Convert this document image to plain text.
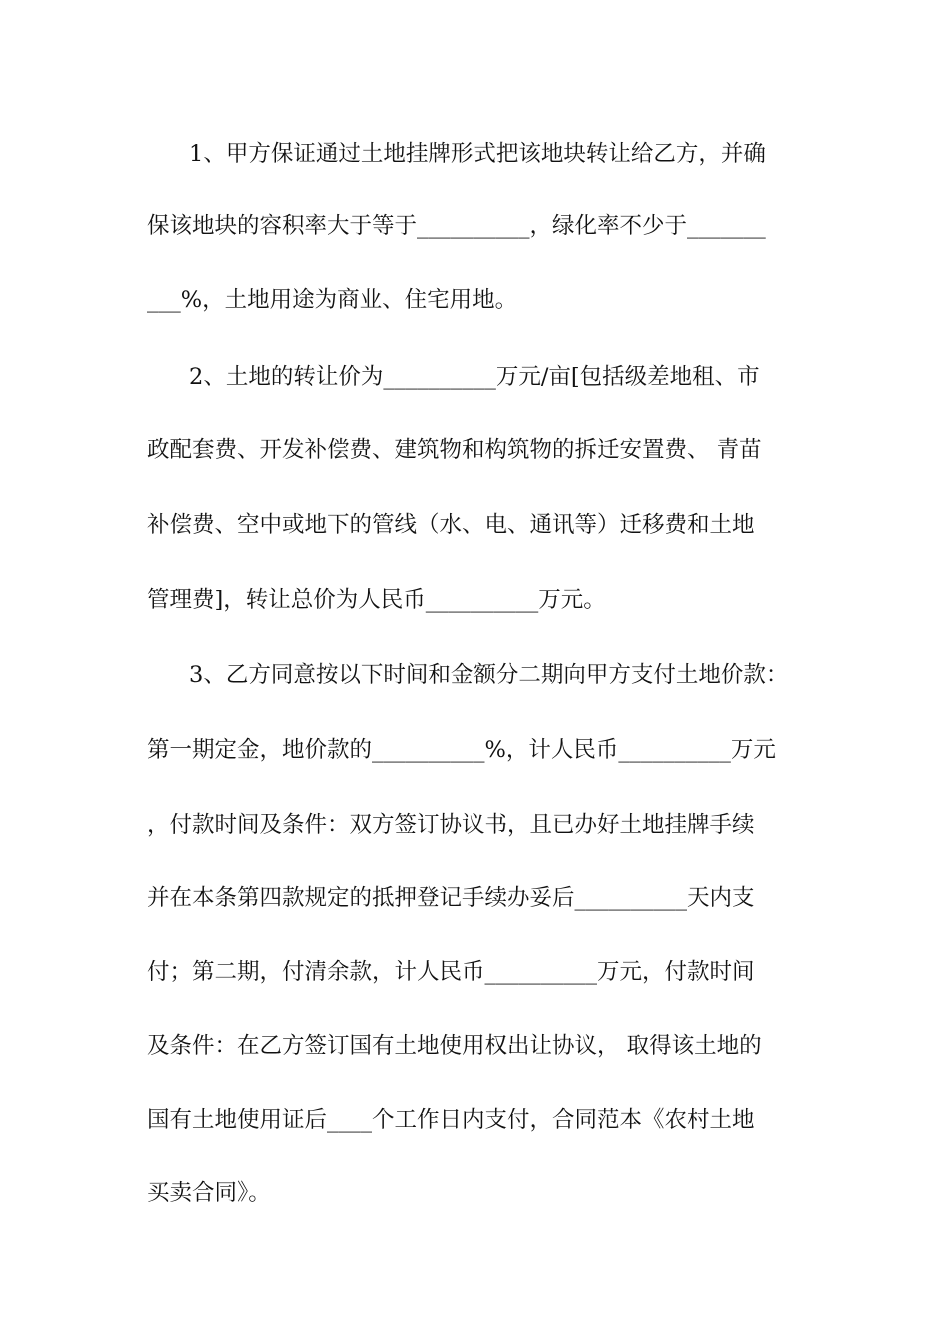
1、甲方保证通过土地挂牌形式把该地块转让给乙方，并确
保该地块的容积率大于等于__________，绿化率不少于_______
___%，土地用途为商业、住宅用地。
2、土地的转让价为__________万元/亩[包括级差地租、市
政配套费、开发补偿费、建筑物和构筑物的拆迁安置费、 青苗
补偿费、空中或地下的管线（水、电、通讯等）迁移费和土地
管理费]，转让总价为人民币__________万元。
3、乙方同意按以下时间和金额分二期向甲方支付土地价款：
第一期定金，地价款的__________%，计人民币__________万元
，付款时间及条件：双方签订协议书，且已办好土地挂牌手续
并在本条第四款规定的抵押登记手续办妥后__________天内支
付；第二期，付清余款，计人民币__________万元，付款时间
及条件：在乙方签订国有土地使用权出让协议， 取得该土地的
国有土地使用证后____个工作日内支付，合同范本《农村土地
买卖合同》。
